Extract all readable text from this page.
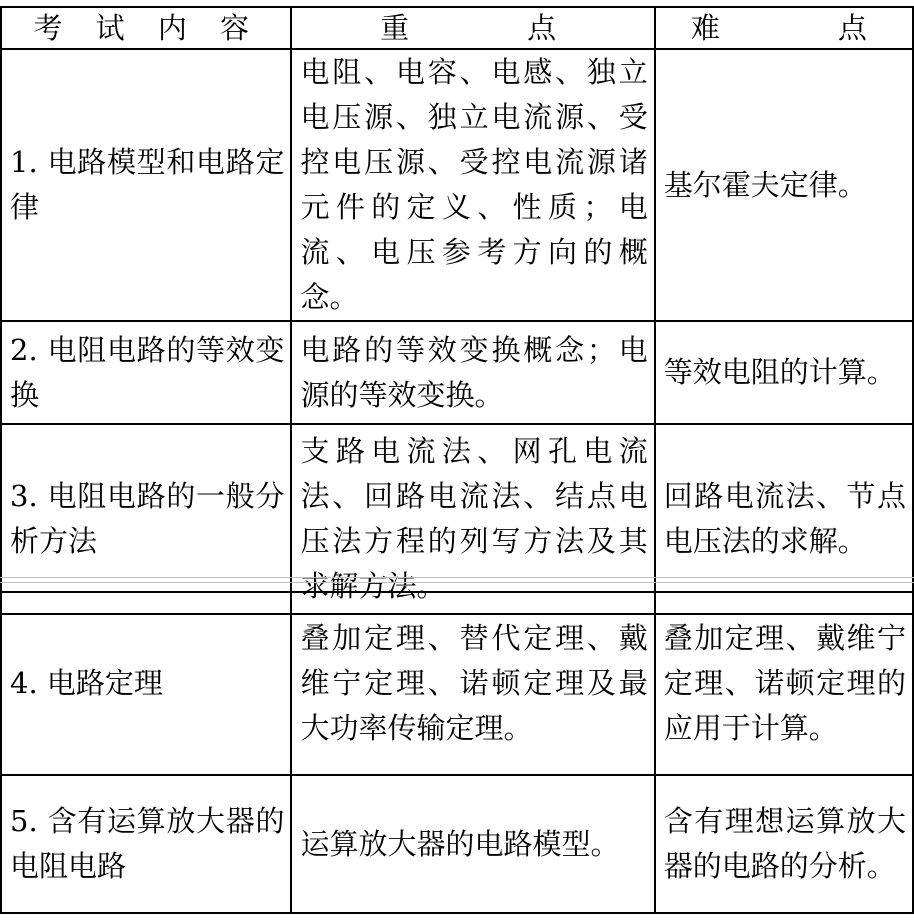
考 试 内 容	重     点	难     点
1. 电路模型和电路定律	电阻、电容、电感、独立电压源、独立电流源、受控电压源、受控电流源诸元件的定义、性质；电流、电压参考方向的概念。	基尔霍夫定律。
2. 电阻电路的等效变换	电路的等效变换概念；电源的等效变换。	等效电阻的计算。
3. 电阻电路的一般分析方法	支路电流法、网孔电流法、回路电流法、结点电压法方程的列写方法及其求解方法。	回路电流法、节点电压法的求解。
4. 电路定理	叠加定理、替代定理、戴维宁定理、诺顿定理及最大功率传输定理。	叠加定理、戴维宁定理、诺顿定理的应用于计算。
5. 含有运算放大器的电阻电路	运算放大器的电路模型。	含有理想运算放大器的电路的分析。
